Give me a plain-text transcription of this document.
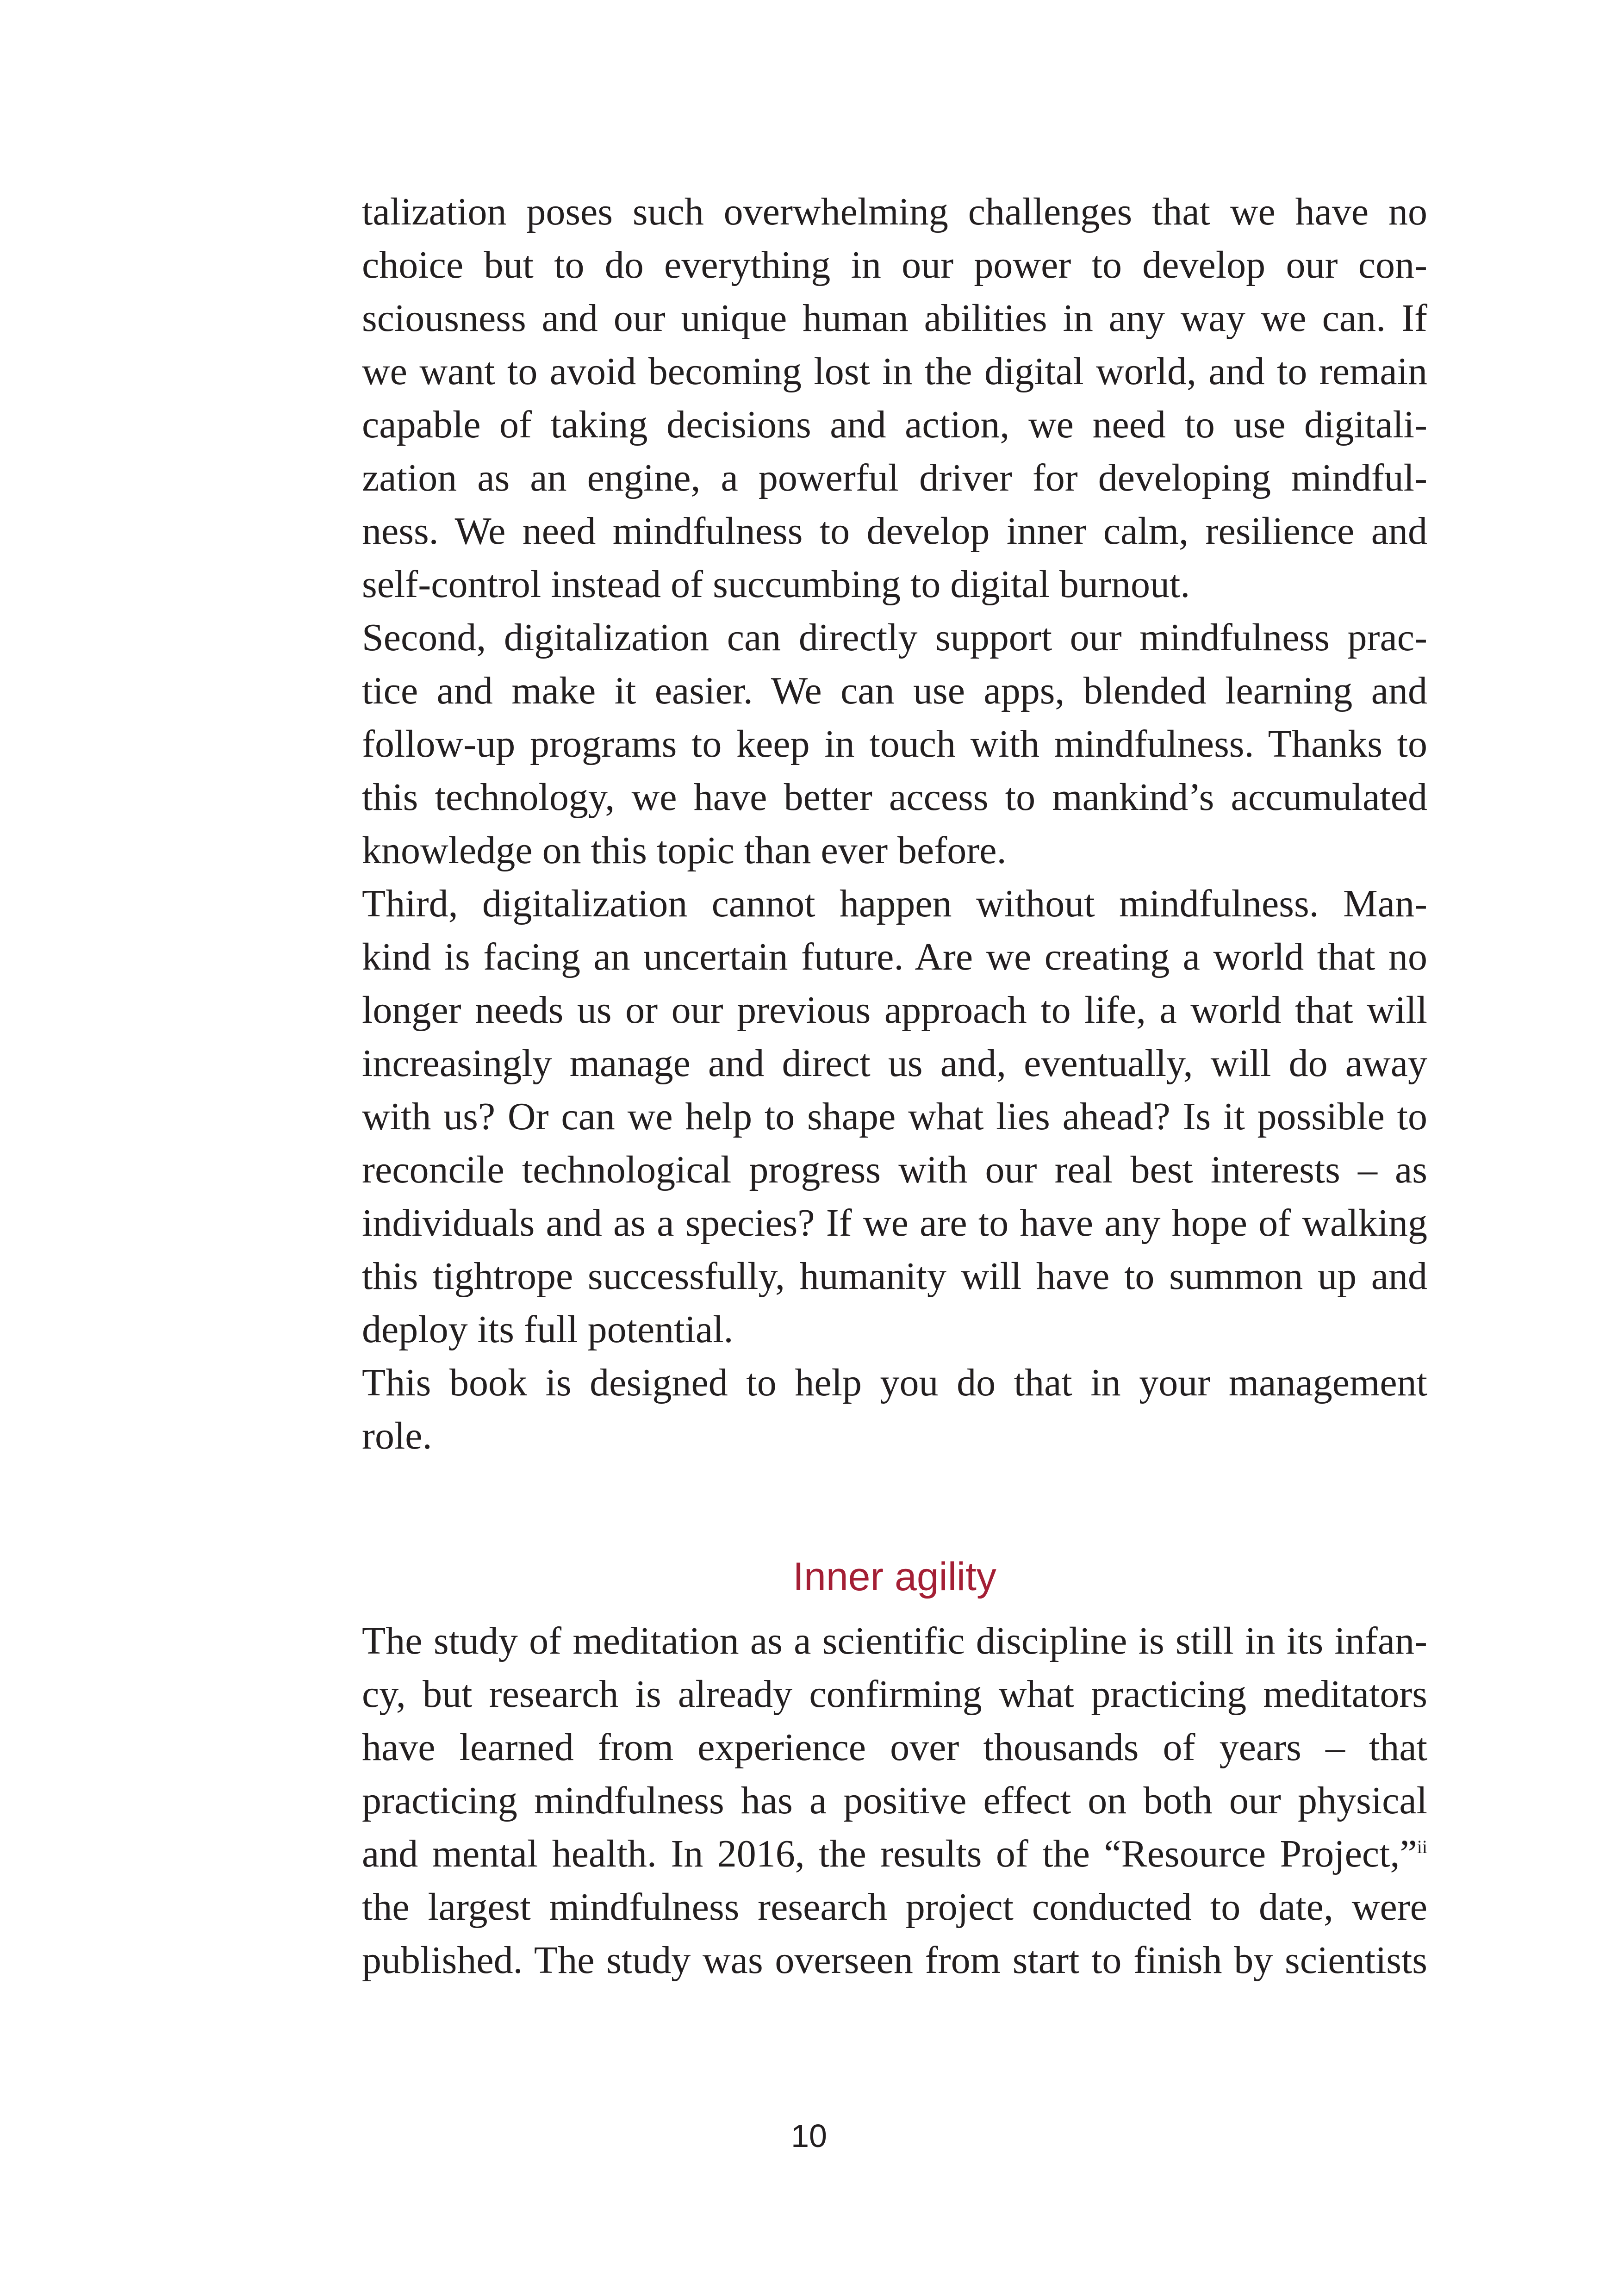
talization poses such overwhelming challenges that we have no
choice but to do everything in our power to develop our con-
sciousness and our unique human abilities in any way we can. If
we want to avoid becoming lost in the digital world, and to remain
capable of taking decisions and action, we need to use digitali-
zation as an engine, a powerful driver for developing mindful-
ness. We need mindfulness to develop inner calm, resilience and
self-control instead of succumbing to digital burnout.

Second, digitalization can directly support our mindfulness prac-
tice and make it easier. We can use apps, blended learning and
follow-up programs to keep in touch with mindfulness. Thanks to
this technology, we have better access to mankind’s accumulated
knowledge on this topic than ever before.

Third, digitalization cannot happen without mindfulness. Man-
kind is facing an uncertain future. Are we creating a world that no
longer needs us or our previous approach to life, a world that will
increasingly manage and direct us and, eventually, will do away
with us? Or can we help to shape what lies ahead? Is it possible to
reconcile technological progress with our real best interests – as
individuals and as a species? If we are to have any hope of walking
this tightrope successfully, humanity will have to summon up and
deploy its full potential.

This book is designed to help you do that in your management
role.

Inner agility

The study of meditation as a scientific discipline is still in its infan-
cy, but research is already confirming what practicing meditators
have learned from experience over thousands of years – that
practicing mindfulness has a positive effect on both our physical
and mental health. In 2016, the results of the “Resource Project,”$^{ii}$
the largest mindfulness research project conducted to date, were
published. The study was overseen from start to finish by scientists

10
